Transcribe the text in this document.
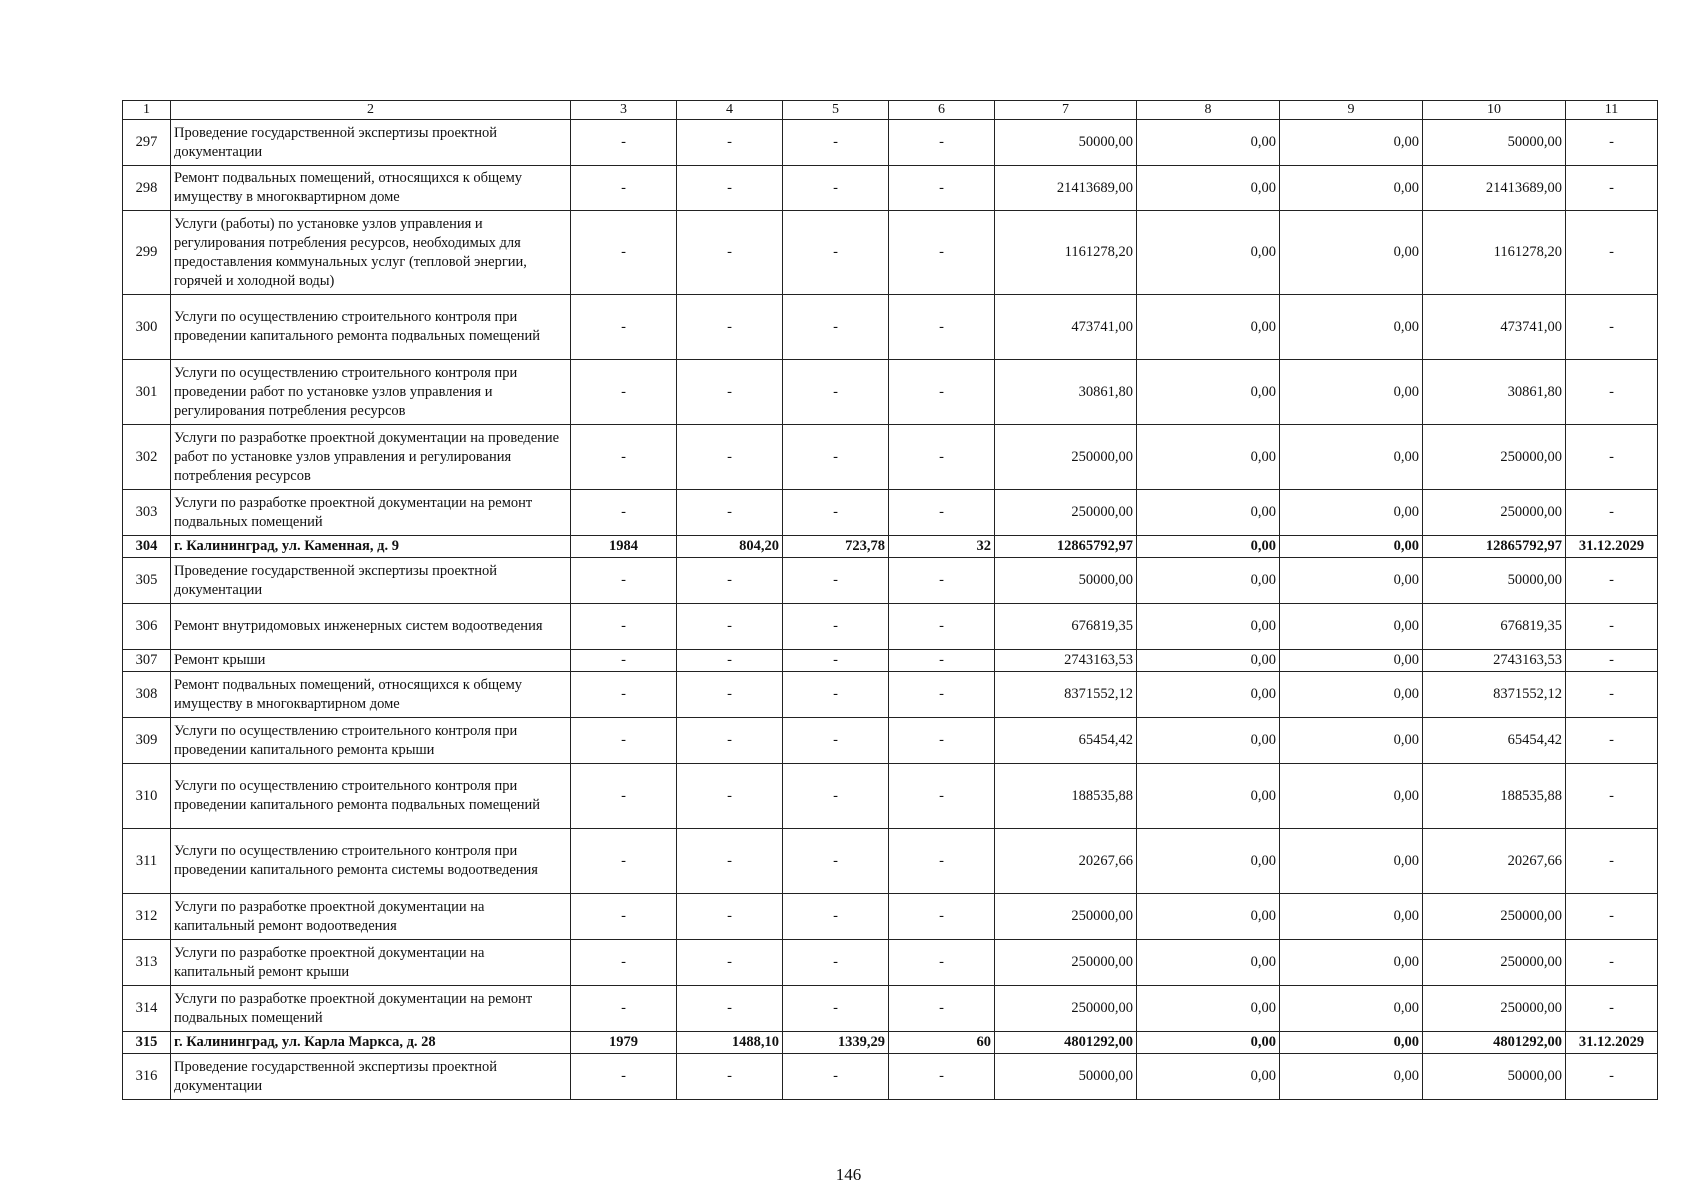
1	2	3	4	5	6	7	8	9	10	11
297	Проведение государственной экспертизы проектной документации	-	-	-	-	50000,00	0,00	0,00	50000,00	-
298	Ремонт подвальных помещений, относящихся к общему имуществу в многоквартирном доме	-	-	-	-	21413689,00	0,00	0,00	21413689,00	-
299	Услуги (работы) по установке узлов управления и регулирования потребления ресурсов, необходимых для предоставления коммунальных услуг (тепловой энергии, горячей и холодной воды)	-	-	-	-	1161278,20	0,00	0,00	1161278,20	-
300	Услуги по осуществлению строительного контроля при проведении капитального ремонта подвальных помещений	-	-	-	-	473741,00	0,00	0,00	473741,00	-
301	Услуги по осуществлению строительного контроля при проведении работ по установке узлов управления и регулирования потребления ресурсов	-	-	-	-	30861,80	0,00	0,00	30861,80	-
302	Услуги по разработке проектной документации на проведение работ по установке узлов управления и регулирования потребления ресурсов	-	-	-	-	250000,00	0,00	0,00	250000,00	-
303	Услуги по разработке проектной документации на ремонт подвальных помещений	-	-	-	-	250000,00	0,00	0,00	250000,00	-
304	г. Калининград, ул. Каменная, д. 9	1984	804,20	723,78	32	12865792,97	0,00	0,00	12865792,97	31.12.2029
305	Проведение государственной экспертизы проектной документации	-	-	-	-	50000,00	0,00	0,00	50000,00	-
306	Ремонт внутридомовых инженерных систем водоотведения	-	-	-	-	676819,35	0,00	0,00	676819,35	-
307	Ремонт крыши	-	-	-	-	2743163,53	0,00	0,00	2743163,53	-
308	Ремонт подвальных помещений, относящихся к общему имуществу в многоквартирном доме	-	-	-	-	8371552,12	0,00	0,00	8371552,12	-
309	Услуги по осуществлению строительного контроля при проведении капитального ремонта крыши	-	-	-	-	65454,42	0,00	0,00	65454,42	-
310	Услуги по осуществлению строительного контроля при проведении капитального ремонта подвальных помещений	-	-	-	-	188535,88	0,00	0,00	188535,88	-
311	Услуги по осуществлению строительного контроля при проведении капитального ремонта системы водоотведения	-	-	-	-	20267,66	0,00	0,00	20267,66	-
312	Услуги по разработке проектной документации на капитальный ремонт водоотведения	-	-	-	-	250000,00	0,00	0,00	250000,00	-
313	Услуги по разработке проектной документации на капитальный ремонт крыши	-	-	-	-	250000,00	0,00	0,00	250000,00	-
314	Услуги по разработке проектной документации на ремонт подвальных помещений	-	-	-	-	250000,00	0,00	0,00	250000,00	-
315	г. Калининград, ул. Карла Маркса, д. 28	1979	1488,10	1339,29	60	4801292,00	0,00	0,00	4801292,00	31.12.2029
316	Проведение государственной экспертизы проектной документации	-	-	-	-	50000,00	0,00	0,00	50000,00	-
146
